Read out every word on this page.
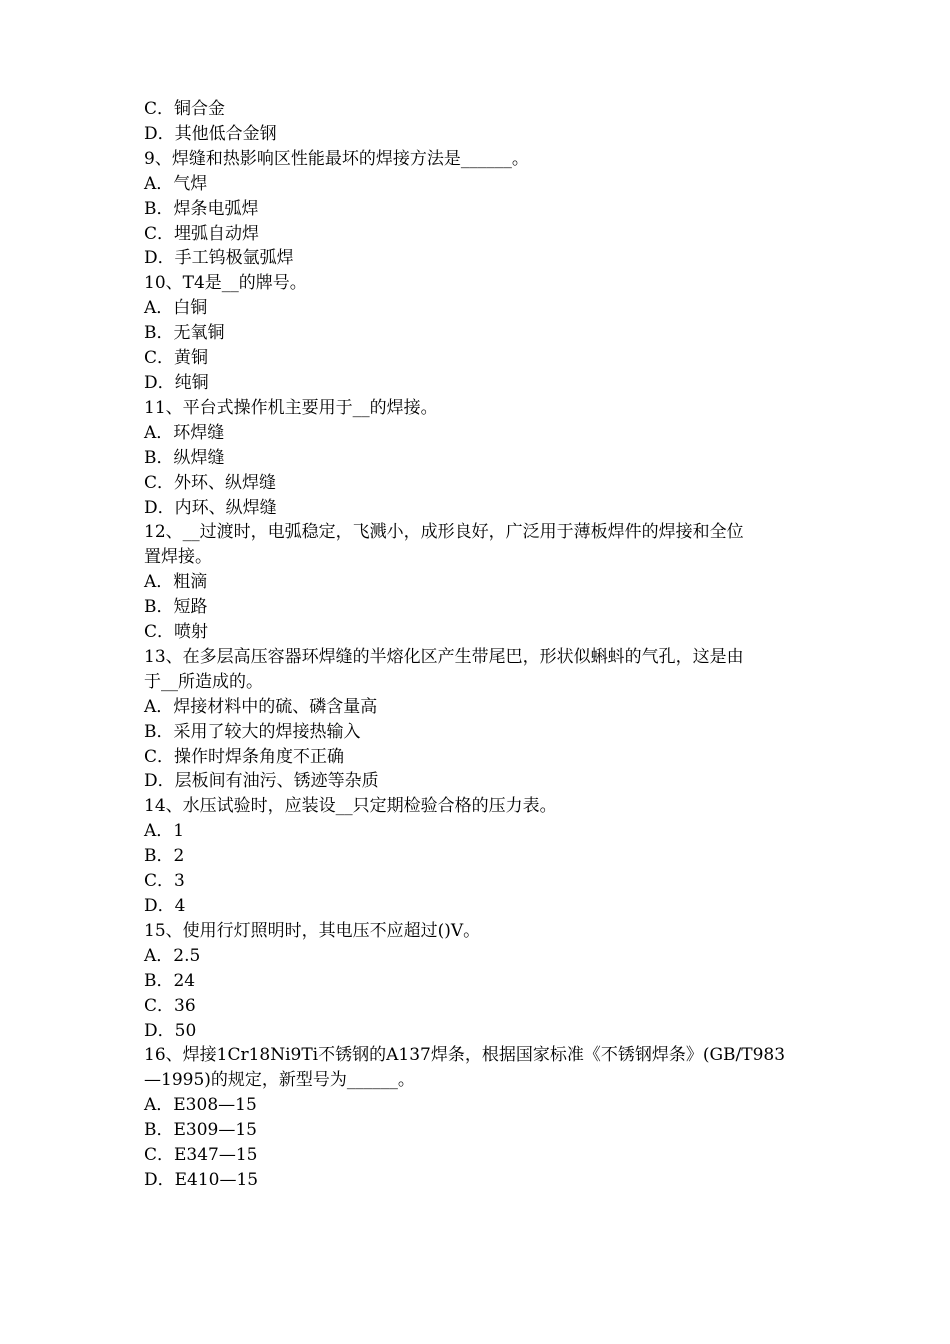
C．铜合金
D．其他低合金钢
9、焊缝和热影响区性能最坏的焊接方法是______。
A．气焊
B．焊条电弧焊
C．埋弧自动焊
D．手工钨极氩弧焊
10、T4是__的牌号。
A．白铜
B．无氧铜
C．黄铜
D．纯铜
11、平台式操作机主要用于__的焊接。
A．环焊缝
B．纵焊缝
C．外环、纵焊缝
D．内环、纵焊缝
12、__过渡时，电弧稳定，飞溅小，成形良好，广泛用于薄板焊件的焊接和全位
置焊接。
A．粗滴
B．短路
C．喷射
13、在多层高压容器环焊缝的半熔化区产生带尾巴，形状似蝌蚪的气孔，这是由
于__所造成的。
A．焊接材料中的硫、磷含量高
B．采用了较大的焊接热输入
C．操作时焊条角度不正确
D．层板间有油污、锈迹等杂质
14、水压试验时，应装设__只定期检验合格的压力表。
A．1
B．2
C．3
D．4
15、使用行灯照明时，其电压不应超过()V。
A．2.5
B．24
C．36
D．50
16、焊接1Cr18Ni9Ti不锈钢的A137焊条，根据国家标准《不锈钢焊条》(GB/T983
—1995)的规定，新型号为______。
A．E308—15
B．E309—15
C．E347—15
D．E410—15
